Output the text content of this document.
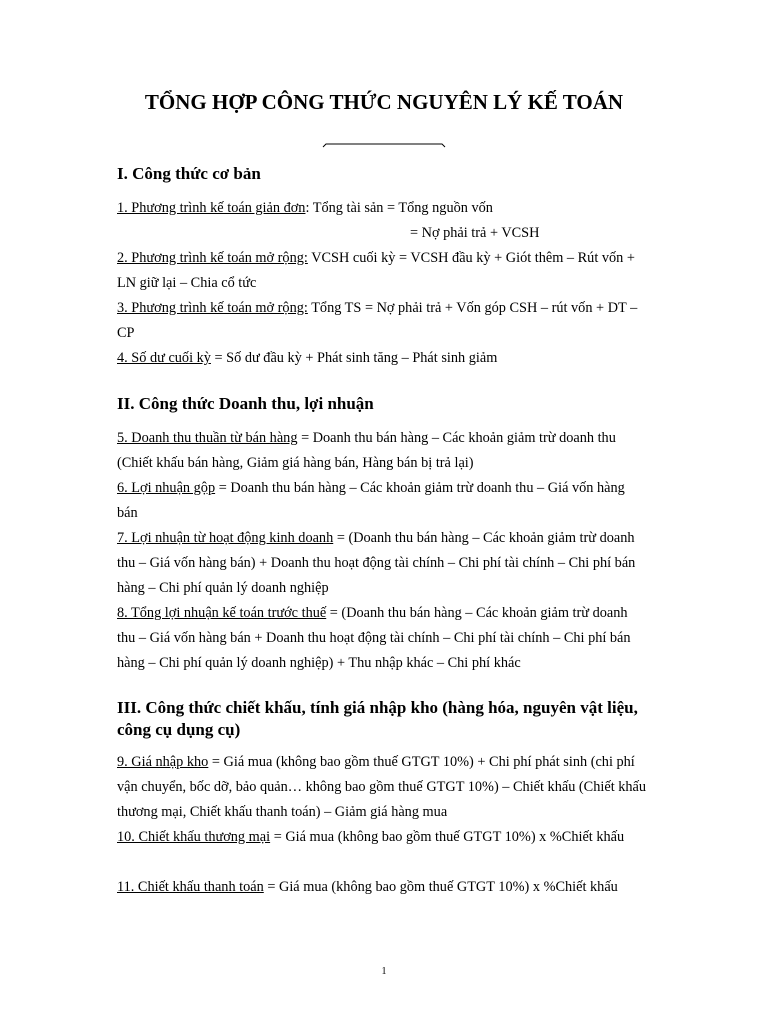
TỔNG HỢP CÔNG THỨC NGUYÊN LÝ KẾ TOÁN
I. Công thức cơ bản
1. Phương trình kế toán giản đơn: Tổng tài sản = Tổng nguồn vốn
= Nợ phải trả + VCSH
2. Phương trình kế toán mở rộng: VCSH cuối kỳ = VCSH đầu kỳ + Giót thêm – Rút vốn + LN giữ lại – Chia cổ tức
3. Phương trình kế toán mở rộng: Tổng TS = Nợ phải trả + Vốn góp CSH – rút vốn + DT – CP
4. Số dư cuối kỳ = Số dư đầu kỳ + Phát sinh tăng – Phát sinh giảm
II. Công thức Doanh thu, lợi nhuận
5. Doanh thu thuần từ bán hàng = Doanh thu bán hàng – Các khoản giảm trừ doanh thu (Chiết khấu bán hàng, Giảm giá hàng bán, Hàng bán bị trả lại)
6. Lợi nhuận gộp = Doanh thu bán hàng – Các khoản giảm trừ doanh thu – Giá vốn hàng bán
7. Lợi nhuận từ hoạt động kinh doanh = (Doanh thu bán hàng – Các khoản giảm trừ doanh thu – Giá vốn hàng bán) + Doanh thu hoạt động tài chính – Chi phí tài chính – Chi phí bán hàng – Chi phí quản lý doanh nghiệp
8. Tổng lợi nhuận kế toán trước thuế = (Doanh thu bán hàng – Các khoản giảm trừ doanh thu – Giá vốn hàng bán + Doanh thu hoạt động tài chính – Chi phí tài chính – Chi phí bán hàng – Chi phí quản lý doanh nghiệp) + Thu nhập khác – Chi phí khác
III. Công thức chiết khấu, tính giá nhập kho (hàng hóa, nguyên vật liệu, công cụ dụng cụ)
9. Giá nhập kho = Giá mua (không bao gồm thuế GTGT 10%) + Chi phí phát sinh (chi phí vận chuyển, bốc dỡ, bảo quản… không bao gồm thuế GTGT 10%) – Chiết khấu (Chiết khấu thương mại, Chiết khấu thanh toán) – Giảm giá hàng mua
10. Chiết khấu thương mại = Giá mua (không bao gồm thuế GTGT 10%) x %Chiết khấu
11. Chiết khấu thanh toán = Giá mua (không bao gồm thuế GTGT 10%) x %Chiết khấu
1
